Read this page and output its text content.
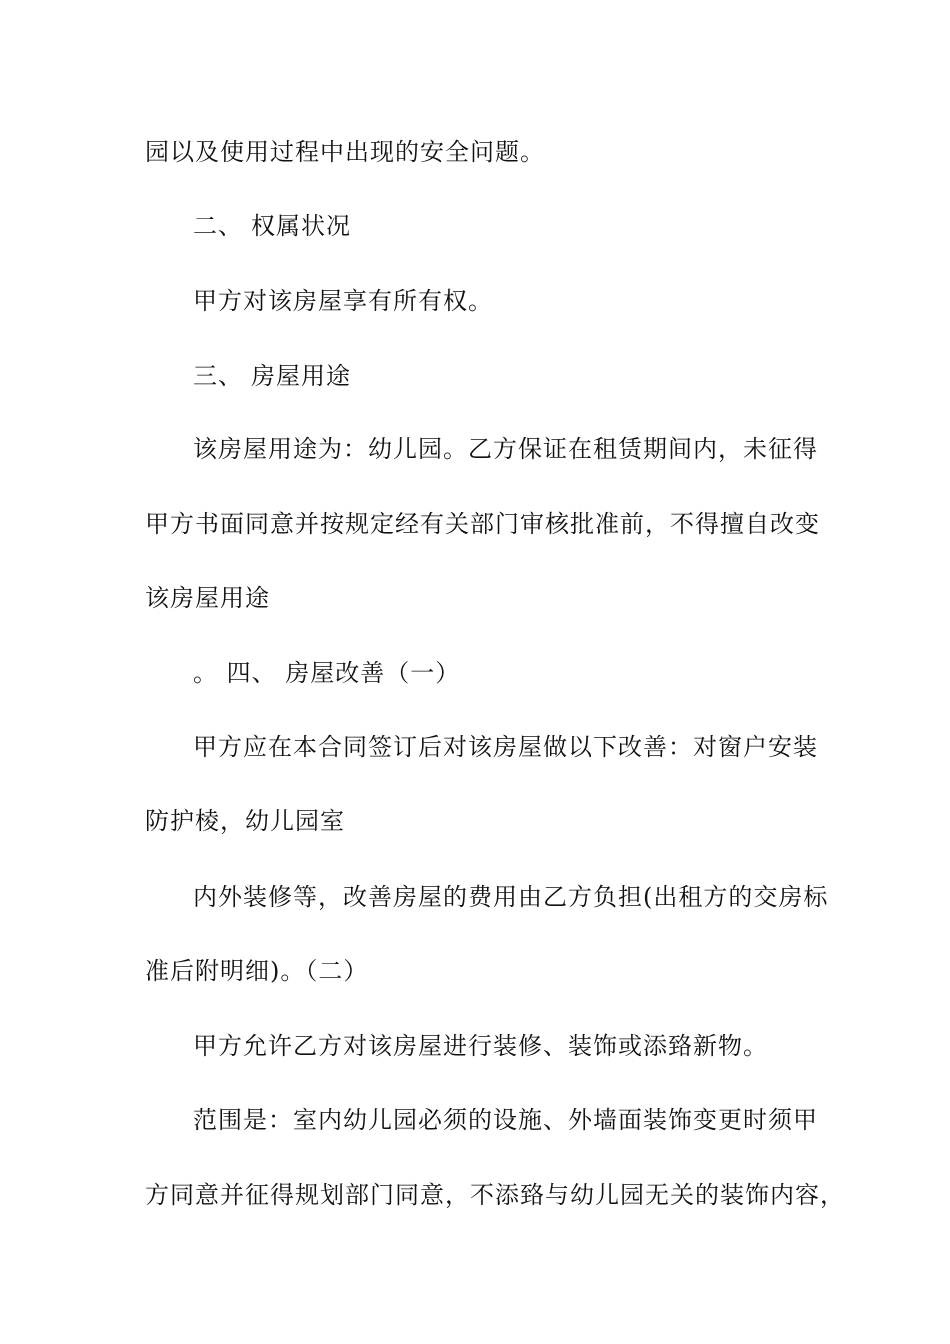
园以及使用过程中出现的安全问题。
二、 权属状况
甲方对该房屋享有所有权。
三、 房屋用途
该房屋用途为：幼儿园。乙方保证在租赁期间内，未征得
甲方书面同意并按规定经有关部门审核批准前，不得擅自改变
该房屋用途
。 四、 房屋改善（一）
甲方应在本合同签订后对该房屋做以下改善：对窗户安装
防护棱，幼儿园室
内外装修等，改善房屋的费用由乙方负担(出租方的交房标
准后附明细)。（二）
甲方允许乙方对该房屋进行装修、装饰或添臵新物。
范围是：室内幼儿园必须的设施、外墙面装饰变更时须甲
方同意并征得规划部门同意，不添臵与幼儿园无关的装饰内容，
